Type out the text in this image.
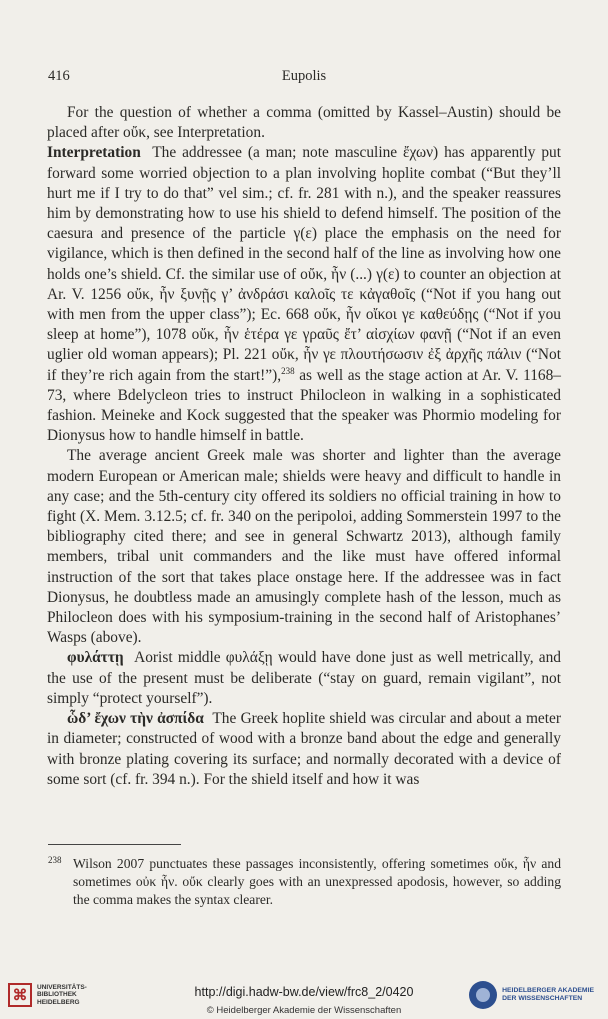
416	Eupolis

For the question of whether a comma (omitted by Kassel–Austin) should be placed after οὔκ, see Interpretation.

Interpretation The addressee (a man; note masculine ἔχων) has apparently put forward some worried objection to a plan involving hoplite combat (“But they’ll hurt me if I try to do that” vel sim.; cf. fr. 281 with n.), and the speaker reassures him by demonstrating how to use his shield to defend himself. The position of the caesura and presence of the particle γ(ε) place the emphasis on the need for vigilance, which is then defined in the second half of the line as involving how one holds one’s shield. Cf. the similar use of οὔκ, ἦν (...) γ(ε) to counter an objection at Ar. V. 1256 οὔκ, ἦν ξυνῇς γ’ ἀνδράσι καλοῖς τε κἀγαθοῖς (“Not if you hang out with men from the upper class”); Ec. 668 οὔκ, ἦν οἴκοι γε καθεύδῃς (“Not if you sleep at home”), 1078 οὔκ, ἦν ἑτέρα γε γραῦς ἔτ’ αἰσχίων φανῇ (“Not if an even uglier old woman appears); Pl. 221 οὔκ, ἦν γε πλουτήσωσιν ἐξ ἀρχῆς πάλιν (“Not if they’re rich again from the start!”),$^{238}$ as well as the stage action at Ar. V. 1168–73, where Bdelycleon tries to instruct Philocleon in walking in a sophisticated fashion. Meineke and Kock suggested that the speaker was Phormio modeling for Dionysus how to handle himself in battle.

The average ancient Greek male was shorter and lighter than the average modern European or American male; shields were heavy and difficult to handle in any case; and the 5th-century city offered its soldiers no official training in how to fight (X. Mem. 3.12.5; cf. fr. 340 on the peripoloi, adding Sommerstein 1997 to the bibliography cited there; and see in general Schwartz 2013), although family members, tribal unit commanders and the like must have offered informal instruction of the sort that takes place onstage here. If the addressee was in fact Dionysus, he doubtless made an amusingly complete hash of the lesson, much as Philocleon does with his symposium-training in the second half of Aristophanes’ Wasps (above).

φυλάττῃ Aorist middle φυλάξῃ would have done just as well metrically, and the use of the present must be deliberate (“stay on guard, remain vigilant”, not simply “protect yourself”).

ὧδ’ ἔχων τὴν ἀσπίδα The Greek hoplite shield was circular and about a meter in diameter; constructed of wood with a bronze band about the edge and generally with bronze plating covering its surface; and normally decorated with a device of some sort (cf. fr. 394 n.). For the shield itself and how it was

238 Wilson 2007 punctuates these passages inconsistently, offering sometimes οὔκ, ἦν and sometimes οὐκ ἦν. οὔκ clearly goes with an unexpressed apodosis, however, so adding the comma makes the syntax clearer.
⌘	UNIVERSITÄTS-
BIBLIOTHEK
HEIDELBERG
http://digi.hadw-bw.de/view/frc8_2/0420
© Heidelberger Akademie der Wissenschaften
HEIDELBERGER AKADEMIE
DER WISSENSCHAFTEN
